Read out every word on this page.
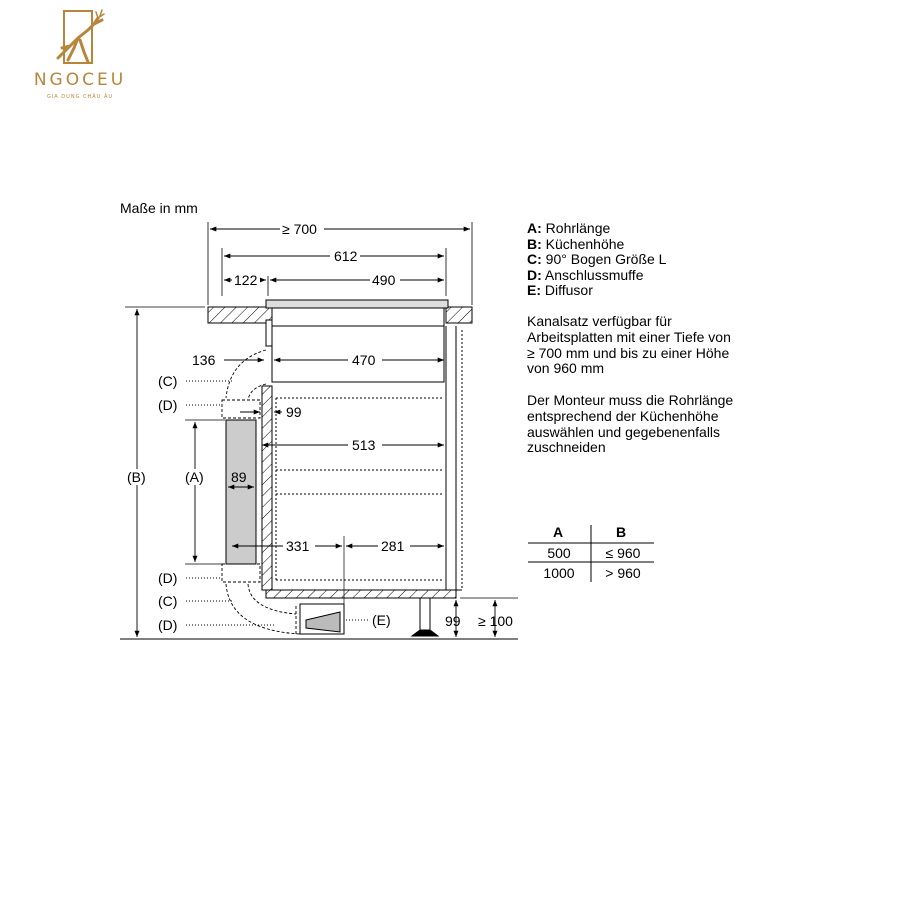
NGOCEU
GIA DUNG CHÂU ÂU
Maße in mm
≥ 700
612
122	490
(B)	(A)
99 ≥ 100
136	470
99
513
89
331	281
(C)
(D)
(D)
(C)
(D)	(E)
A: Rohrlänge
B: Küchenhöhe
C: 90° Bogen Größe L
D: Anschlussmuffe
E: Diffusor
Kanalsatz verfügbar für
Arbeitsplatten mit einer Tiefe von
≥ 700 mm und bis zu einer Höhe
von 960 mm
Der Monteur muss die Rohrlänge
entsprechend der Küchenhöhe
auswählen und gegebenenfalls
zuschneiden
A	B
500	≤ 960
1000	> 960
